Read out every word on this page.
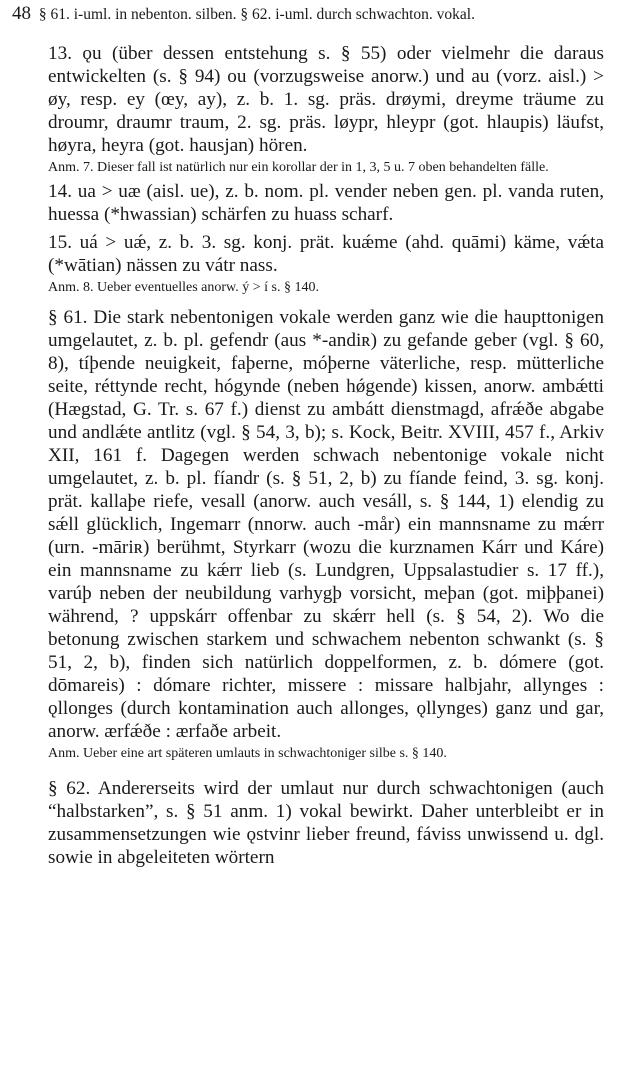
48 § 61. i-uml. in nebenton. silben. § 62. i-uml. durch schwachton. vokal.

13. ǫu (über dessen entstehung s. § 55) oder vielmehr die daraus entwickelten (s. § 94) ou (vorzugsweise anorw.) und au (vorz. aisl.) > øy, resp. ey (œy, ay), z. b. 1. sg. präs. drøymi, dreyme träume zu droumr, draumr traum, 2. sg. präs. løypr, hleypr (got. hlaupis) läufst, høyra, heyra (got. hausjan) hören.

Anm. 7. Dieser fall ist natürlich nur ein korollar der in 1, 3, 5 u. 7 oben behandelten fälle.

14. ua > uæ (aisl. ue), z. b. nom. pl. vender neben gen. pl. vanda ruten, huessa (*hwassian) schärfen zu huass scharf.

15. uá > uǽ, z. b. 3. sg. konj. prät. kuǽme (ahd. quāmi) käme, vǽta (*wātian) nässen zu vátr nass.

Anm. 8. Ueber eventuelles anorw. ý > í s. § 140.

§ 61. Die stark nebentonigen vokale werden ganz wie die haupttonigen umgelautet, z. b. pl. gefendr (aus *-andiʀ) zu gefande geber (vgl. § 60, 8), tíþende neuigkeit, faþerne, móþerne väterliche, resp. mütterliche seite, réttynde recht, hógynde (neben hǿgende) kissen, anorw. ambǽtti (Hægstad, G. Tr. s. 67 f.) dienst zu ambátt dienstmagd, afrǽðe abgabe und andlǽte antlitz (vgl. § 54, 3, b); s. Kock, Beitr. XVIII, 457 f., Arkiv XII, 161 f. Dagegen werden schwach nebentonige vokale nicht umgelautet, z. b. pl. fíandr (s. § 51, 2, b) zu fíande feind, 3. sg. konj. prät. kallaþe riefe, vesall (anorw. auch vesáll, s. § 144, 1) elendig zu sǽll glücklich, Ingemarr (nnorw. auch -mår) ein mannsname zu mǽrr (urn. -māriʀ) berühmt, Styrkarr (wozu die kurznamen Kárr und Káre) ein mannsname zu kǽrr lieb (s. Lundgren, Uppsalastudier s. 17 ff.), varúþ neben der neubildung varhygþ vorsicht, meþan (got. miþþanei) während, ? uppskárr offenbar zu skǽrr hell (s. § 54, 2). Wo die betonung zwischen starkem und schwachem nebenton schwankt (s. § 51, 2, b), finden sich natürlich doppelformen, z. b. dómere (got. dōmareis) : dómare richter, missere : missare halbjahr, allynges : ǫllonges (durch kontamination auch allonges, ǫllynges) ganz und gar, anorw. ærfǽðe : ærfaðe arbeit.

Anm. Ueber eine art späteren umlauts in schwachtoniger silbe s. § 140.

§ 62. Andererseits wird der umlaut nur durch schwachtonigen (auch “halbstarken”, s. § 51 anm. 1) vokal bewirkt. Daher unterbleibt er in zusammensetzungen wie ǫstvinr lieber freund, fáviss unwissend u. dgl. sowie in abgeleiteten wörtern
